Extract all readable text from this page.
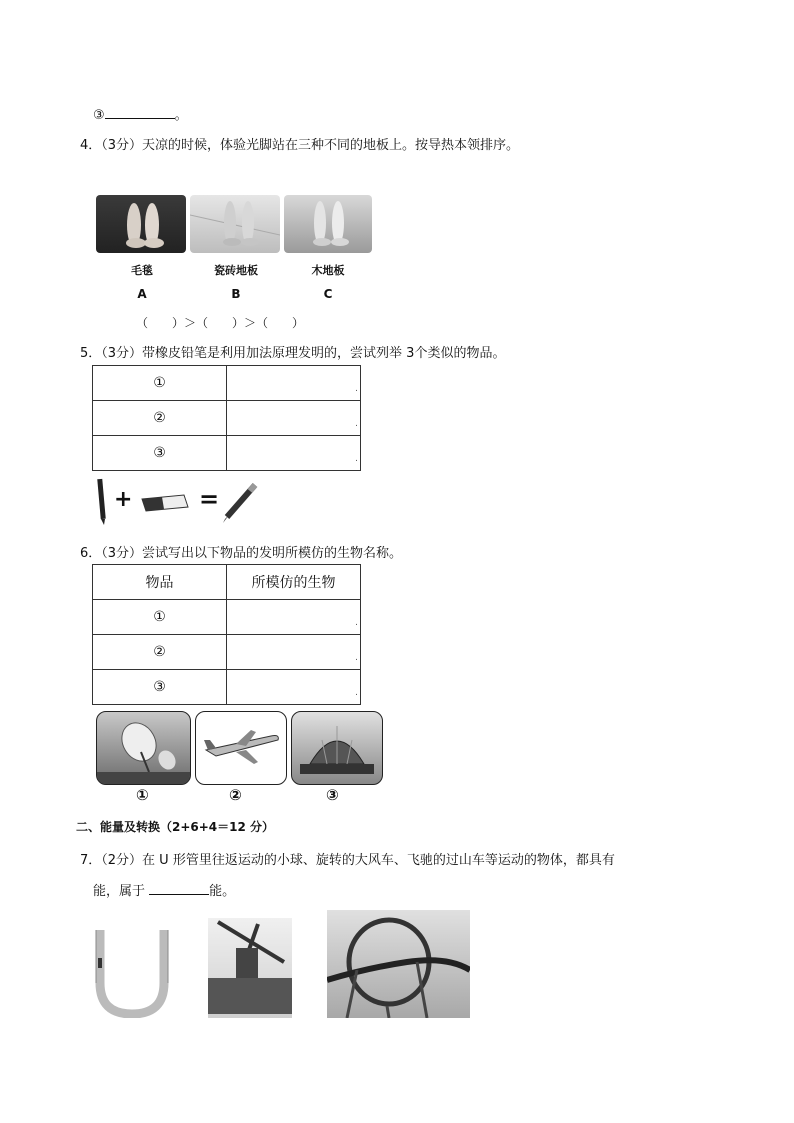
③	。
4．（3分）天凉的时候，体验光脚站在三种不同的地板上。按导热本领排序。
毛毯	瓷砖地板	木地板
A	B	C
（　　）＞（　　）＞（　　）
5．（3分）带橡皮铅笔是利用加法原理发明的，尝试列举 3个类似的物品。
①	.

②	.

③	.
+	=
6．（3分）尝试写出以下物品的发明所模仿的生物名称。
物品	所模仿的生物
①	.

②	.

③	.
①	②	③
二、能量及转换（2+6+4＝12 分）
7．（2分）在 U 形管里往返运动的小球、旋转的大风车、飞驰的过山车等运动的物体，都具有
能，属于	能。
